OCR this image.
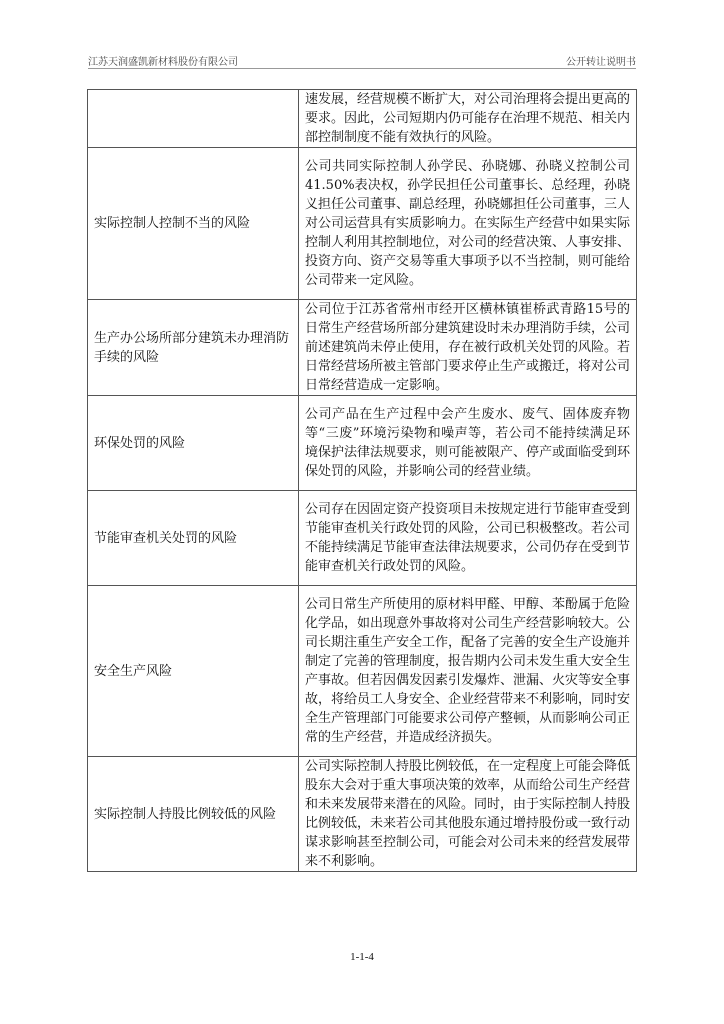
江苏天润盛凯新材料股份有限公司	公开转让说明书
	速发展，经营规模不断扩大，对公司治理将会提出更高的要求。因此，公司短期内仍可能存在治理不规范、相关内部控制制度不能有效执行的风险。
实际控制人控制不当的风险	公司共同实际控制人孙学民、孙晓娜、孙晓义控制公司41.50%表决权，孙学民担任公司董事长、总经理，孙晓义担任公司董事、副总经理，孙晓娜担任公司董事，三人对公司运营具有实质影响力。在实际生产经营中如果实际控制人利用其控制地位，对公司的经营决策、人事安排、投资方向、资产交易等重大事项予以不当控制，则可能给公司带来一定风险。
生产办公场所部分建筑未办理消防手续的风险	公司位于江苏省常州市经开区横林镇崔桥武青路15号的日常生产经营场所部分建筑建设时未办理消防手续，公司前述建筑尚未停止使用，存在被行政机关处罚的风险。若日常经营场所被主管部门要求停止生产或搬迁，将对公司日常经营造成一定影响。
环保处罚的风险	公司产品在生产过程中会产生废水、废气、固体废弃物等“三废”环境污染物和噪声等，若公司不能持续满足环境保护法律法规要求，则可能被限产、停产或面临受到环保处罚的风险，并影响公司的经营业绩。
节能审查机关处罚的风险	公司存在因固定资产投资项目未按规定进行节能审查受到节能审查机关行政处罚的风险，公司已积极整改。若公司不能持续满足节能审查法律法规要求，公司仍存在受到节能审查机关行政处罚的风险。
安全生产风险	公司日常生产所使用的原材料甲醛、甲醇、苯酚属于危险化学品，如出现意外事故将对公司生产经营影响较大。公司长期注重生产安全工作，配备了完善的安全生产设施并制定了完善的管理制度，报告期内公司未发生重大安全生产事故。但若因偶发因素引发爆炸、泄漏、火灾等安全事故，将给员工人身安全、企业经营带来不利影响，同时安全生产管理部门可能要求公司停产整顿，从而影响公司正常的生产经营，并造成经济损失。
实际控制人持股比例较低的风险	公司实际控制人持股比例较低，在一定程度上可能会降低股东大会对于重大事项决策的效率，从而给公司生产经营和未来发展带来潜在的风险。同时，由于实际控制人持股比例较低，未来若公司其他股东通过增持股份或一致行动谋求影响甚至控制公司，可能会对公司未来的经营发展带来不利影响。
1-1-4
